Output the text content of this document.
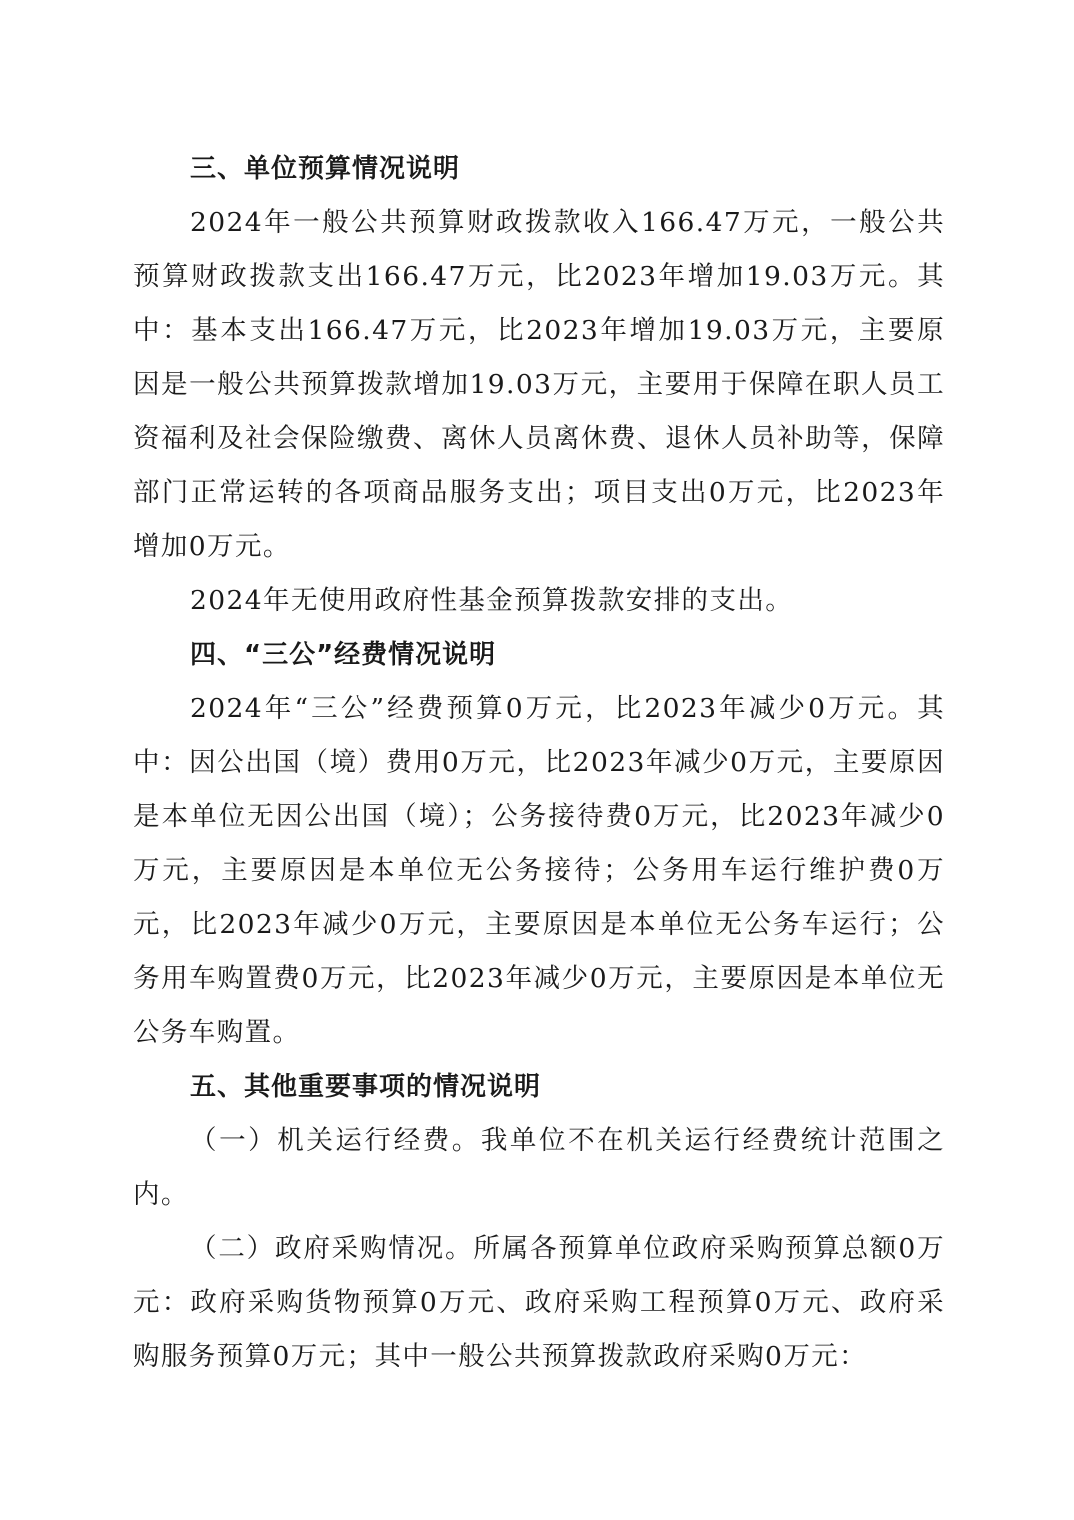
三、单位预算情况说明

2024年一般公共预算财政拨款收入166.47万元，一般公共预算财政拨款支出166.47万元，比2023年增加19.03万元。其中：基本支出166.47万元，比2023年增加19.03万元，主要原因是一般公共预算拨款增加19.03万元，主要用于保障在职人员工资福利及社会保险缴费、离休人员离休费、退休人员补助等，保障部门正常运转的各项商品服务支出；项目支出0万元，比2023年增加0万元。

2024年无使用政府性基金预算拨款安排的支出。

四、“三公”经费情况说明

2024年“三公”经费预算0万元，比2023年减少0万元。其中：因公出国（境）费用0万元，比2023年减少0万元，主要原因是本单位无因公出国（境）；公务接待费0万元，比2023年减少0万元，主要原因是本单位无公务接待；公务用车运行维护费0万元，比2023年减少0万元，主要原因是本单位无公务车运行；公务用车购置费0万元，比2023年减少0万元，主要原因是本单位无公务车购置。

五、其他重要事项的情况说明

（一）机关运行经费。我单位不在机关运行经费统计范围之内。

（二）政府采购情况。所属各预算单位政府采购预算总额0万元：政府采购货物预算0万元、政府采购工程预算0万元、政府采购服务预算0万元；其中一般公共预算拨款政府采购0万元：
